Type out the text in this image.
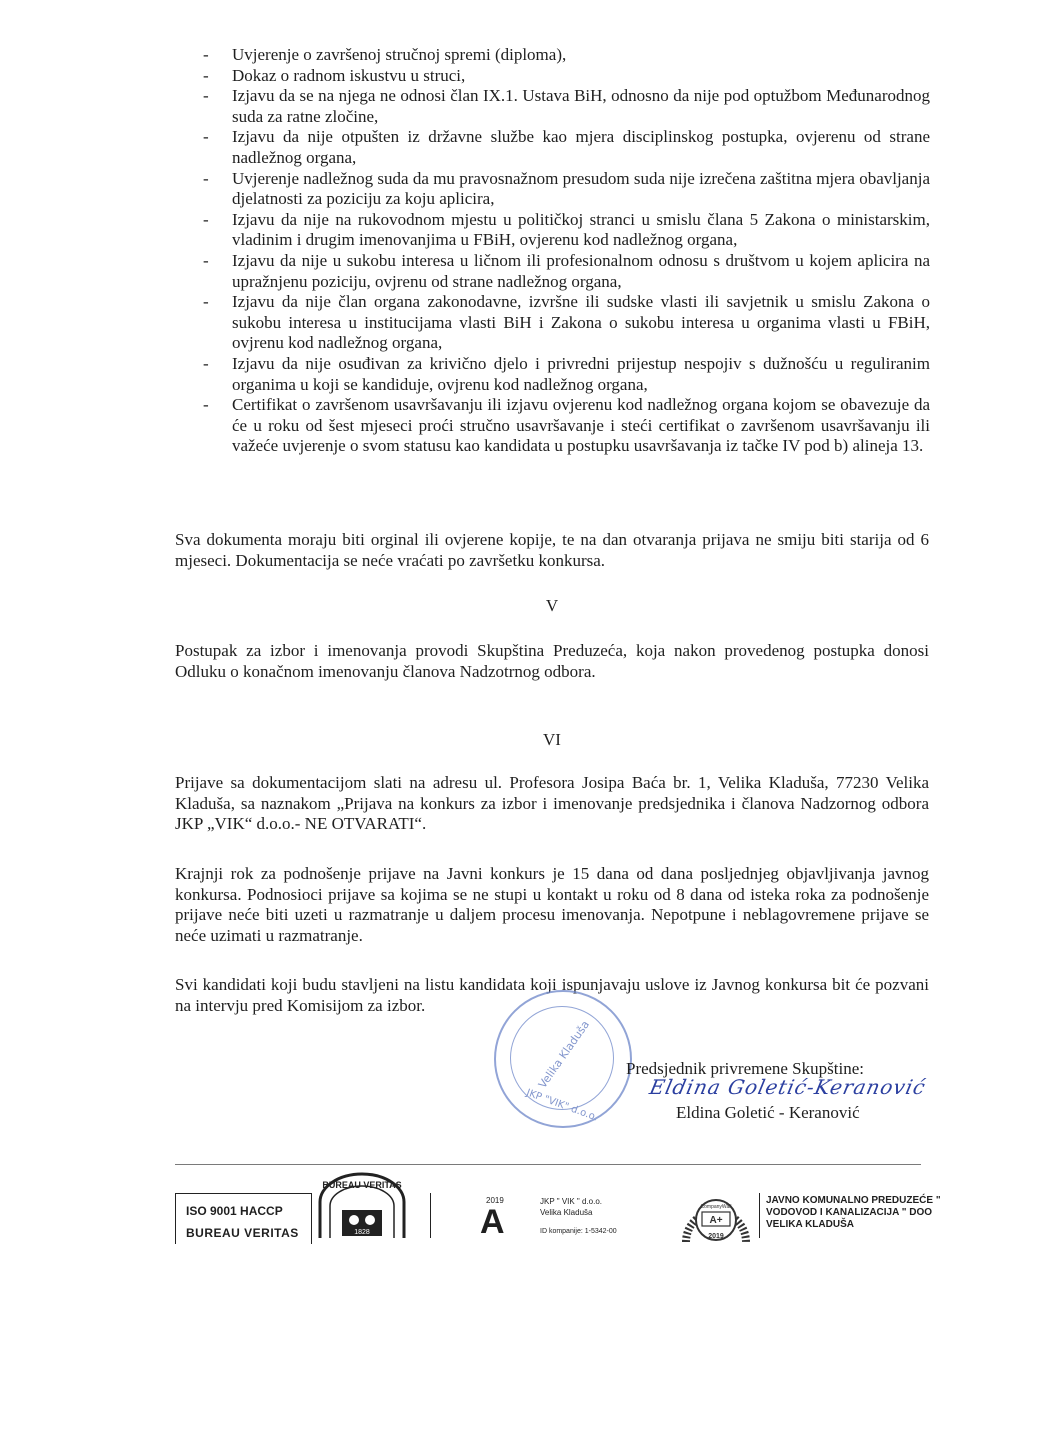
- Uvjerenje o završenoj stručnoj spremi (diploma),
- Dokaz o radnom iskustvu u struci,
- Izjavu da se na njega ne odnosi član IX.1. Ustava BiH, odnosno da nije pod optužbom Međunarodnog suda za ratne zločine,
- Izjavu da nije otpušten iz državne službe kao mjera disciplinskog postupka, ovjerenu od strane nadležnog organa,
- Uvjerenje nadležnog suda da mu pravosnažnom presudom suda nije izrečena zaštitna mjera obavljanja djelatnosti za poziciju za koju aplicira,
- Izjavu da nije na rukovodnom mjestu u političkoj stranci u smislu člana 5 Zakona o ministarskim, vladinim i drugim imenovanjima u FBiH, ovjerenu kod nadležnog organa,
- Izjavu da nije u sukobu interesa u ličnom ili profesionalnom odnosu s društvom u kojem aplicira na upražnjenu poziciju, ovjrenu od strane nadležnog organa,
- Izjavu da nije član organa zakonodavne, izvršne ili sudske vlasti ili savjetnik u smislu Zakona o sukobu interesa u institucijama vlasti BiH i Zakona o sukobu interesa u organima vlasti u FBiH, ovjrenu kod nadležnog organa,
- Izjavu da nije osuđivan za krivično djelo i privredni prijestup nespojiv s dužnošću u reguliranim organima u koji se kandiduje, ovjrenu kod nadležnog organa,
- Certifikat o završenom usavršavanju ili izjavu ovjerenu kod nadležnog organa kojom se obavezuje da će u roku od šest mjeseci proći stručno usavršavanje i steći certifikat o završenom usavršavanju ili važeće uvjerenje o svom statusu kao kandidata u postupku usavršavanja iz tačke IV pod b) alineja 13.

Sva dokumenta moraju biti orginal ili ovjerene kopije, te na dan otvaranja prijava ne smiju biti starija od 6 mjeseci. Dokumentacija se neće vraćati po završetku konkursa.

V

Postupak za izbor i imenovanja provodi Skupština Preduzeća, koja nakon provedenog postupka donosi Odluku o konačnom imenovanju članova Nadzotrnog odbora.

VI

Prijave sa dokumentacijom slati na adresu ul. Profesora Josipa Baća br. 1, Velika Kladuša, 77230 Velika Kladuša, sa naznakom „Prijava na konkurs za izbor i imenovanje predsjednika i članova Nadzornog odbora JKP „VIK“ d.o.o.- NE OTVARATI“.

Krajnji rok za podnošenje prijave na Javni konkurs je 15 dana od dana posljednjeg objavljivanja javnog konkursa. Podnosioci prijave sa kojima se ne stupi u kontakt u roku od 8 dana od isteka roka za podnošenje prijave neće biti uzeti u razmatranje u daljem procesu imenovanja. Nepotpune i neblagovremene prijave se neće uzimati u razmatranje.

Svi kandidati koji budu stavljeni na listu kandidata koji ispunjavaju uslove iz Javnog konkursa bit će pozvani na intervju pred Komisijom za izbor.

Velika Kladuša
JKP "VIK" d.o.o.
Predsjednik privremene Skupštine:
Eldina Goletić-Keranović
Eldina Goletić - Keranović
ISO 9001 HACCP
BUREAU VERITAS
BUREAU VERITAS
1828
2019
A
JKP " VIK " d.o.o.
Velika Kladuša
ID kompanije: 1-5342-00
CompanyWall
A+
2019
JAVNO KOMUNALNO PREDUZEĆE "
VODOVOD I KANALIZACIJA " DOO
VELIKA KLADUŠA
